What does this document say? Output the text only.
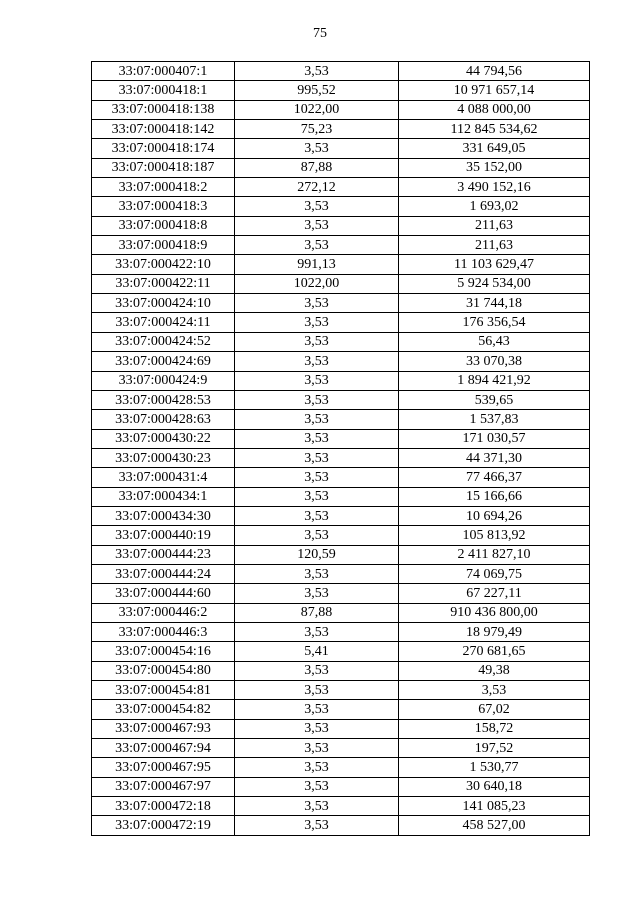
75
33:07:000407:1	3,53	44 794,56
33:07:000418:1	995,52	10 971 657,14
33:07:000418:138	1022,00	4 088 000,00
33:07:000418:142	75,23	112 845 534,62
33:07:000418:174	3,53	331 649,05
33:07:000418:187	87,88	35 152,00
33:07:000418:2	272,12	3 490 152,16
33:07:000418:3	3,53	1 693,02
33:07:000418:8	3,53	211,63
33:07:000418:9	3,53	211,63
33:07:000422:10	991,13	11 103 629,47
33:07:000422:11	1022,00	5 924 534,00
33:07:000424:10	3,53	31 744,18
33:07:000424:11	3,53	176 356,54
33:07:000424:52	3,53	56,43
33:07:000424:69	3,53	33 070,38
33:07:000424:9	3,53	1 894 421,92
33:07:000428:53	3,53	539,65
33:07:000428:63	3,53	1 537,83
33:07:000430:22	3,53	171 030,57
33:07:000430:23	3,53	44 371,30
33:07:000431:4	3,53	77 466,37
33:07:000434:1	3,53	15 166,66
33:07:000434:30	3,53	10 694,26
33:07:000440:19	3,53	105 813,92
33:07:000444:23	120,59	2 411 827,10
33:07:000444:24	3,53	74 069,75
33:07:000444:60	3,53	67 227,11
33:07:000446:2	87,88	910 436 800,00
33:07:000446:3	3,53	18 979,49
33:07:000454:16	5,41	270 681,65
33:07:000454:80	3,53	49,38
33:07:000454:81	3,53	3,53
33:07:000454:82	3,53	67,02
33:07:000467:93	3,53	158,72
33:07:000467:94	3,53	197,52
33:07:000467:95	3,53	1 530,77
33:07:000467:97	3,53	30 640,18
33:07:000472:18	3,53	141 085,23
33:07:000472:19	3,53	458 527,00
